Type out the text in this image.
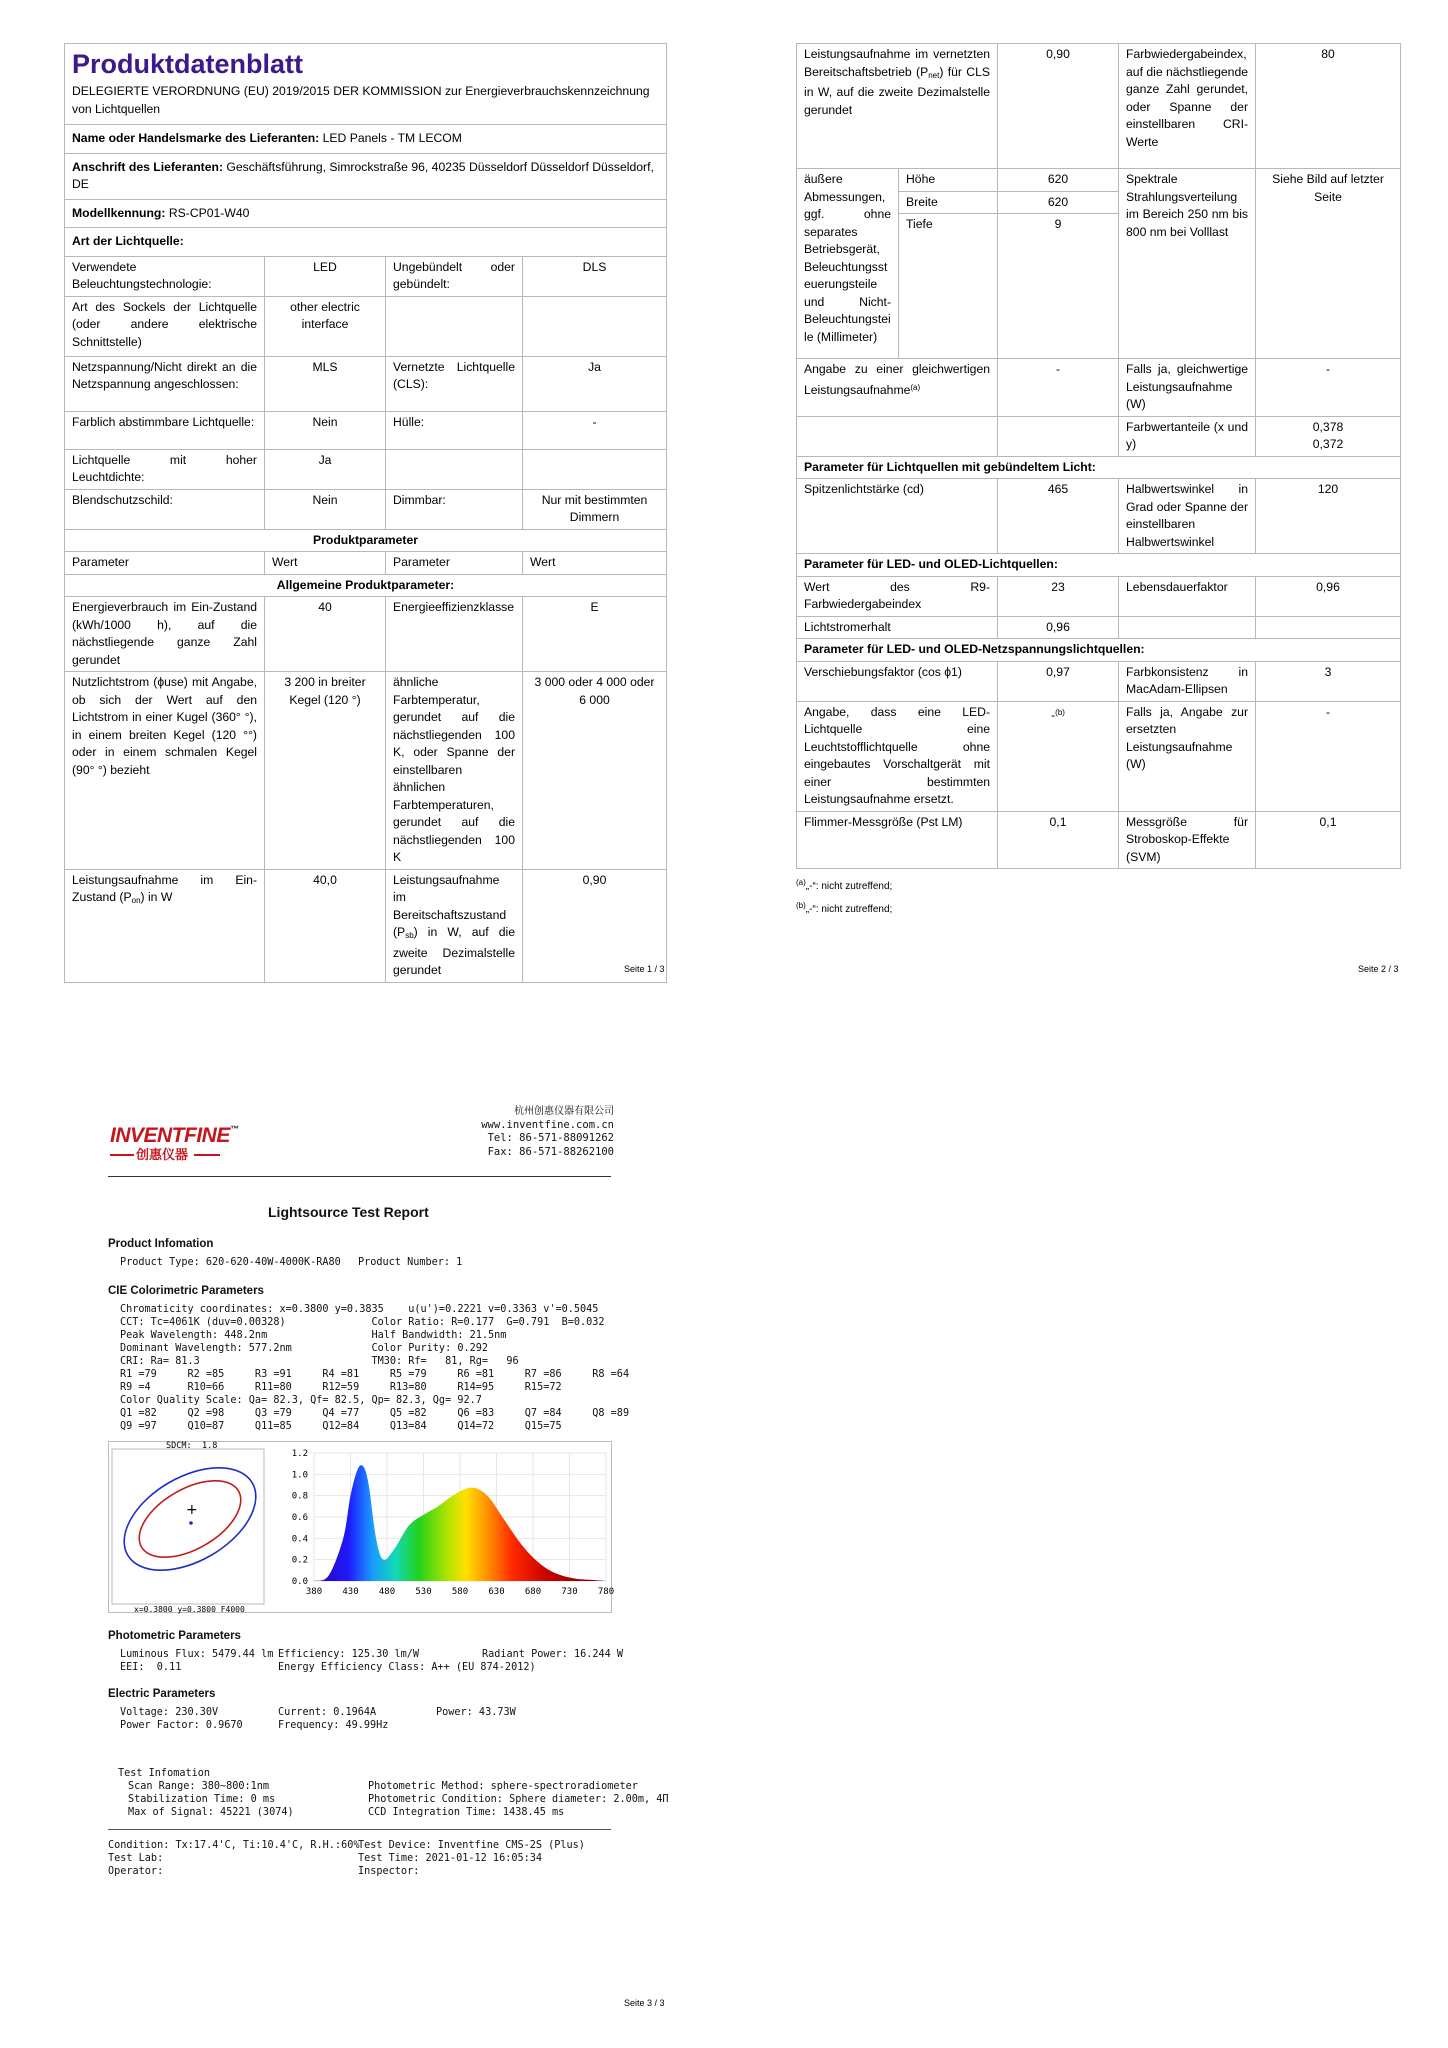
Produktdatenblatt
DELEGIERTE VERORDNUNG (EU) 2019/2015 DER KOMMISSION zur Energieverbrauchskennzeichnung von Lichtquellen			

Name oder Handelsmarke des Lieferanten: LED Panels - TM LECOM			
Anschrift des Lieferanten: Geschäftsführung, Simrockstraße 96, 40235 Düsseldorf Düsseldorf Düsseldorf, DE			
Modellkennung: RS-CP01-W40			
Art der Lichtquelle:			
Verwendete Beleuchtungstechnologie:	LED	Ungebündelt oder gebündelt:	DLS
Art des Sockels der Lichtquelle (oder andere elektrische Schnittstelle)	other electric interface		
Netzspannung/Nicht direkt an die Netzspannung angeschlossen:	MLS	Vernetzte Lichtquelle (CLS):	Ja
Farblich abstimmbare Lichtquelle:	Nein	Hülle:	-
Lichtquelle mit hoher Leuchtdichte:	Ja		
Blendschutzschild:	Nein	Dimmbar:	Nur mit bestimmten Dimmern
Produktparameter			
Parameter	Wert	Parameter	Wert
Allgemeine Produktparameter:			
Energieverbrauch im Ein-Zustand (kWh/1000 h), auf die nächstliegende ganze Zahl gerundet	40	Energieeffizienzklasse	E
Nutzlichtstrom (ϕuse) mit Angabe, ob sich der Wert auf den Lichtstrom in einer Kugel (360° °), in einem breiten Kegel (120 °°) oder in einem schmalen Kegel (90° °) bezieht	3 200 in breiter Kegel (120 °)	ähnliche Farbtemperatur, gerundet auf die nächstliegenden 100 K, oder Spanne der einstellbaren ähnlichen Farbtemperaturen, gerundet auf die nächstliegenden 100 K	3 000 oder 4 000 oder 6 000
Leistungsaufnahme im Ein-Zustand $(P_{on})$ in W	40,0	Leistungsaufnahme im Bereitschaftszustand $(P_{sb})$ in W, auf die zweite Dezimalstelle gerundet	0,90
Seite 1 / 3
Leistungsaufnahme im vernetzten Bereitschaftsbetrieb $(P_{net})$ für CLS in W, auf die zweite Dezimalstelle gerundet		0,90	Farbwiedergabeindex, auf die nächstliegende ganze Zahl gerundet, oder Spanne der einstellbaren CRI-Werte	80
äußere Abmessungen, ggf. ohne separates Betriebsgerät, Beleuchtungssteuerungsteile und Nicht-Beleuchtungsteile (Millimeter)	Höhe	620	Spektrale Strahlungsverteilung im Bereich 250 nm bis 800 nm bei Volllast	Siehe Bild auf letzter Seite
	Breite	620		
	Tiefe	9		
Angabe zu einer gleichwertigen Leistungsaufnahme$^{(a)}$		-	Falls ja, gleichwertige Leistungsaufnahme (W)	-
			Farbwertanteile (x und y)	0,378
0,372
Parameter für Lichtquellen mit gebündeltem Licht:				
Spitzenlichtstärke (cd)		465	Halbwertswinkel in Grad oder Spanne der einstellbaren Halbwertswinkel	120
Parameter für LED- und OLED-Lichtquellen:				
Wert des R9-Farbwiedergabeindex		23	Lebensdauerfaktor	0,96
Lichtstromerhalt		0,96		
Parameter für LED- und OLED-Netzspannungslichtquellen:				
Verschiebungsfaktor (cos ϕ1)		0,97	Farbkonsistenz in MacAdam-Ellipsen	3
Angabe, dass eine LED-Lichtquelle eine Leuchtstofflichtquelle ohne eingebautes Vorschaltgerät mit einer bestimmten Leistungsaufnahme ersetzt.		-$^{(b)}$	Falls ja, Angabe zur ersetzten Leistungsaufnahme (W)	-
Flimmer-Messgröße (Pst LM)		0,1	Messgröße für Stroboskop-Effekte (SVM)	0,1
$^{(a)}$„-“: nicht zutreffend;
$^{(b)}$„-“: nicht zutreffend;
Seite 2 / 3
INVENTFINE™
创惠仪器
杭州创惠仪器有限公司
www.inventfine.com.cn
Tel: 86-571-88091262
Fax: 86-571-88262100
Lightsource Test Report
Product Infomation
Product Type: 620-620-40W-4000K-RA80 Product Number: 1
CIE Colorimetric Parameters
Chromaticity coordinates: x=0.3800 y=0.3835    u(u')=0.2221 v=0.3363 v'=0.5045
CCT: Tc=4061K (duv=0.00328)              Color Ratio: R=0.177  G=0.791  B=0.032
Peak Wavelength: 448.2nm                 Half Bandwidth: 21.5nm
Dominant Wavelength: 577.2nm             Color Purity: 0.292
CRI: Ra= 81.3                            TM30: Rf=   81, Rg=   96
R1 =79     R2 =85     R3 =91     R4 =81     R5 =79     R6 =81     R7 =86     R8 =64
R9 =4      R10=66     R11=80     R12=59     R13=80     R14=95     R15=72
Color Quality Scale: Qa= 82.3, Qf= 82.5, Qp= 82.3, Qg= 92.7
Q1 =82     Q2 =98     Q3 =79     Q4 =77     Q5 =82     Q6 =83     Q7 =84     Q8 =89
Q9 =97     Q10=87     Q11=85     Q12=84     Q13=84     Q14=72     Q15=75
SDCM: 1.8
+
x=0.3800 y=0.3800 F4000
0.0
0.2
0.4
0.6
0.8
1.0
1.2
380 430 480 530 580 630 680 730 780
Photometric Parameters
Luminous Flux: 5479.44 lm Efficiency: 125.30 lm/W	Radiant Power: 16.244 W
EEI:  0.11	Energy Efficiency Class: A++ (EU 874-2012)
Electric Parameters
Voltage: 230.30V	Current: 0.1964A	Power: 43.73W
Power Factor: 0.9670	Frequency: 49.99Hz
Test Infomation
Scan Range: 380~800:1nm
Stabilization Time: 0 ms
Max of Signal: 45221 (3074)
Photometric Method: sphere-spectroradiometer
Photometric Condition: Sphere diameter: 2.00m, 4Π
CCD Integration Time: 1438.45 ms
Condition: Tx:17.4'C, Ti:10.4'C, R.H.:60%
Test Device: Inventfine CMS-2S (Plus)
Test Lab:	Test Time: 2021-01-12 16:05:34
Operator:	Inspector:
Seite 3 / 3
